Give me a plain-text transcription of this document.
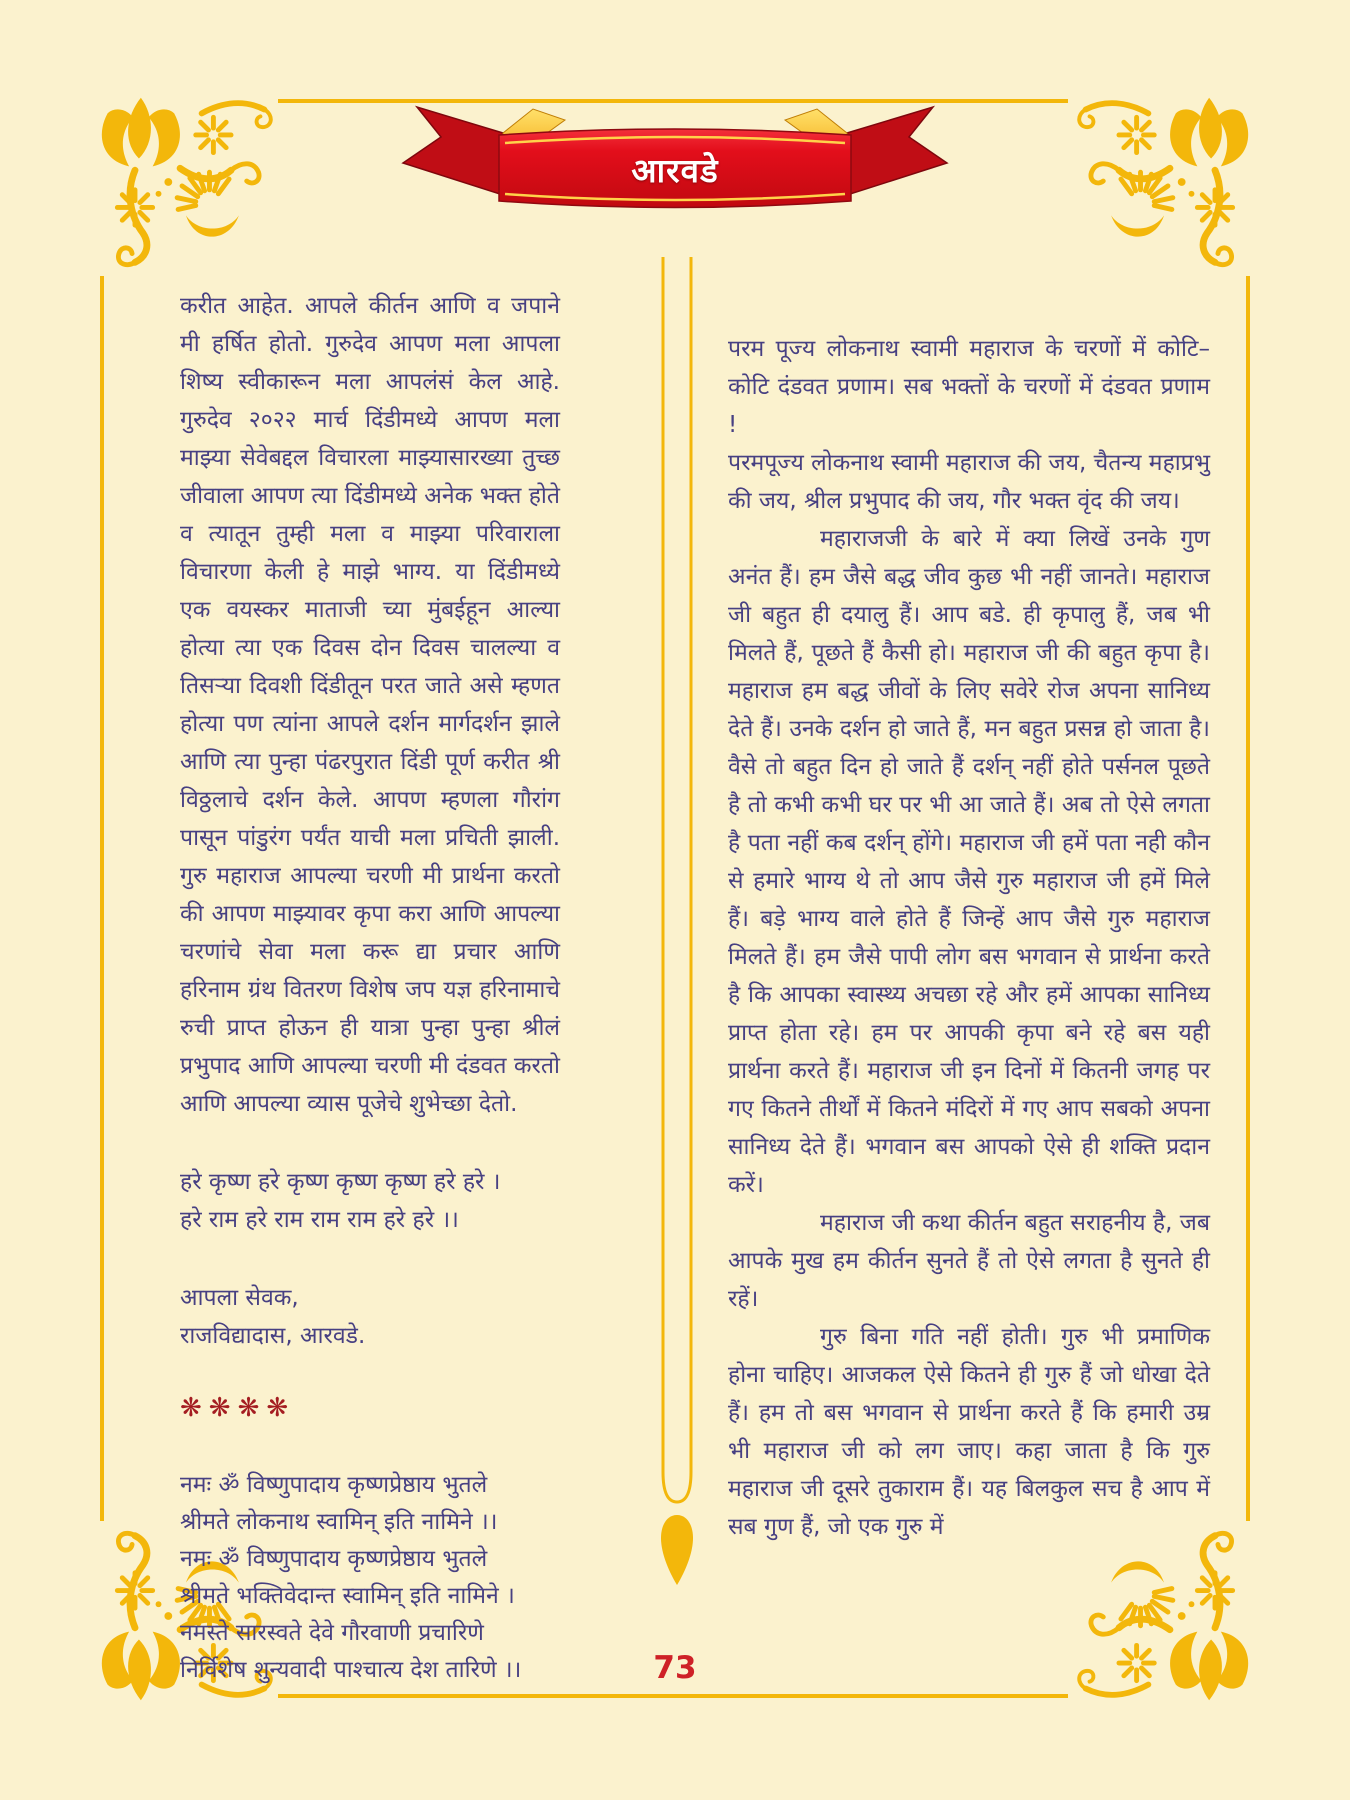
आरवडे

करीत आहेत. आपले कीर्तन आणि व जपाने मी हर्षित होतो. गुरुदेव आपण मला आपला शिष्य स्वीकारून मला आपलंसं केल आहे. गुरुदेव २०२२ मार्च दिंडीमध्ये आपण मला माझ्या सेवेबद्दल विचारला माझ्यासारख्या तुच्छ जीवाला आपण त्या दिंडीमध्ये अनेक भक्त होते व त्यातून तुम्ही मला व माझ्या परिवाराला विचारणा केली हे माझे भाग्य. या दिंडीमध्ये एक वयस्कर माताजी च्या मुंबईहून आल्या होत्या त्या एक दिवस दोन दिवस चालल्या व तिसऱ्या दिवशी दिंडीतून परत जाते असे म्हणत होत्या पण त्यांना आपले दर्शन मार्गदर्शन झाले आणि त्या पुन्हा पंढरपुरात दिंडी पूर्ण करीत श्री विठ्ठलाचे दर्शन केले. आपण म्हणला गौरांग पासून पांडुरंग पर्यंत याची मला प्रचिती झाली. गुरु महाराज आपल्या चरणी मी प्रार्थना करतो की आपण माझ्यावर कृपा करा आणि आपल्या चरणांचे सेवा मला करू द्या प्रचार आणि हरिनाम ग्रंथ वितरण विशेष जप यज्ञ हरिनामाचे रुची प्राप्त होऊन ही यात्रा पुन्हा पुन्हा श्रीलं प्रभुपाद आणि आपल्या चरणी मी दंडवत करतो आणि आपल्या व्यास पूजेचे शुभेच्छा देतो.

हरे कृष्ण हरे कृष्ण कृष्ण कृष्ण हरे हरे ।
हरे राम हरे राम राम राम हरे हरे ।।
आपला सेवक,
राजविद्यादास, आरवडे.
❋❋❋❋
नमः ॐ विष्णुपादाय कृष्णप्रेष्ठाय भुतले
श्रीमते लोकनाथ स्वामिन् इति नामिने ।।
नमः ॐ विष्णुपादाय कृष्णप्रेष्ठाय भुतले
श्रीमते भक्तिवेदान्त स्वामिन् इति नामिने ।
नमस्ते सारस्वते देवे गौरवाणी प्रचारिणे
निर्विशेष शुन्यवादी पाश्चात्य देश तारिणे ।।

परम पूज्य लोकनाथ स्वामी महाराज के चरणों में कोटि–कोटि दंडवत प्रणाम। सब भक्तों के चरणों में दंडवत प्रणाम !

परमपूज्य लोकनाथ स्वामी महाराज की जय, चैतन्य महाप्रभु की जय, श्रील प्रभुपाद की जय, गौर भक्त वृंद की जय।

महाराजजी के बारे में क्या लिखें उनके गुण अनंत हैं। हम जैसे बद्ध जीव कुछ भी नहीं जानते। महाराज जी बहुत ही दयालु हैं। आप बडे. ही कृपालु हैं, जब भी मिलते हैं, पूछते हैं कैसी हो। महाराज जी की बहुत कृपा है। महाराज हम बद्ध जीवों के लिए सवेरे रोज अपना सानिध्य देते हैं। उनके दर्शन हो जाते हैं, मन बहुत प्रसन्न हो जाता है। वैसे तो बहुत दिन हो जाते हैं दर्शन् नहीं होते पर्सनल पूछते है तो कभी कभी घर पर भी आ जाते हैं। अब तो ऐसे लगता है पता नहीं कब दर्शन् होंगे। महाराज जी हमें पता नही कौन से हमारे भाग्य थे तो आप जैसे गुरु महाराज जी हमें मिले हैं। बड़े भाग्य वाले होते हैं जिन्हें आप जैसे गुरु महाराज मिलते हैं। हम जैसे पापी लोग बस भगवान से प्रार्थना करते है कि आपका स्वास्थ्य अचछा रहे और हमें आपका सानिध्य प्राप्त होता रहे। हम पर आपकी कृपा बने रहे बस यही प्रार्थना करते हैं। महाराज जी इन दिनों में कितनी जगह पर गए कितने तीर्थों में कितने मंदिरों में गए आप सबको अपना सानिध्य देते हैं। भगवान बस आपको ऐसे ही शक्ति प्रदान करें।

महाराज जी कथा कीर्तन बहुत सराहनीय है, जब आपके मुख हम कीर्तन सुनते हैं तो ऐसे लगता है सुनते ही रहें।

गुरु बिना गति नहीं होती। गुरु भी प्रमाणिक होना चाहिए। आजकल ऐसे कितने ही गुरु हैं जो धोखा देते हैं। हम तो बस भगवान से प्रार्थना करते हैं कि हमारी उम्र भी महाराज जी को लग जाए। कहा जाता है कि गुरु महाराज जी दूसरे तुकाराम हैं। यह बिलकुल सच है आप में सब गुण हैं, जो एक गुरु में

73
